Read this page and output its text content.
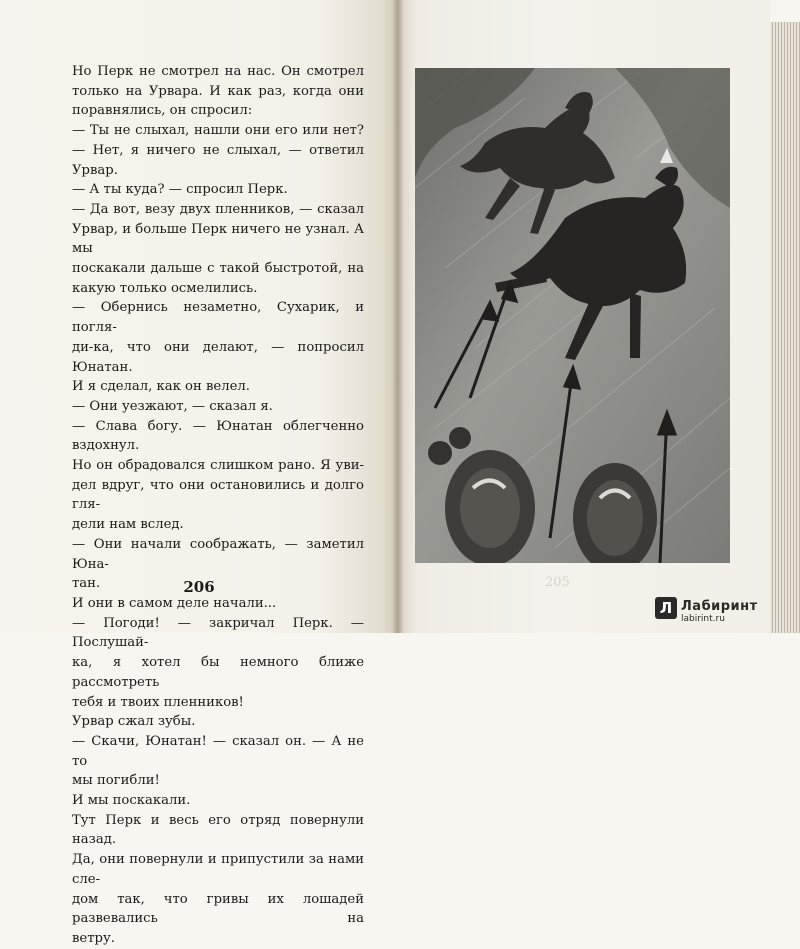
Но Перк не смотрел на нас. Он смотрел
только на Урвара. И как раз, когда они
поравнялись, он спросил:
— Ты не слыхал, нашли они его или нет?
— Нет, я ничего не слыхал, — ответил Урвар.
— А ты куда? — спросил Перк.
— Да вот, везу двух пленников, — сказал
Урвар, и больше Перк ничего не узнал. А мы
поскакали дальше с такой быстротой, на
какую только осмелились.
— Обернись незаметно, Сухарик, и погля-
ди-ка, что они делают, — попросил Юнатан.
И я сделал, как он велел.
— Они уезжают, — сказал я.
— Слава богу. — Юнатан облегченно вздохнул.
Но он обрадовался слишком рано. Я уви-
дел вдруг, что они остановились и долго гля-
дели нам вслед.
— Они начали соображать, — заметил Юна-
тан.
И они в самом деле начали...
— Погоди! — закричал Перк. — Послушай-
ка, я хотел бы немного ближе рассмотреть
тебя и твоих пленников!
Урвар сжал зубы.
— Скачи, Юнатан! — сказал он. — А не то
мы погибли!
И мы поскакали.
Тут Перк и весь его отряд повернули назад.
Да, они повернули и припустили за нами сле-
дом так, что гривы их лошадей развевались на
ветру.
206	205
Л Лабиринт
labirint.ru
